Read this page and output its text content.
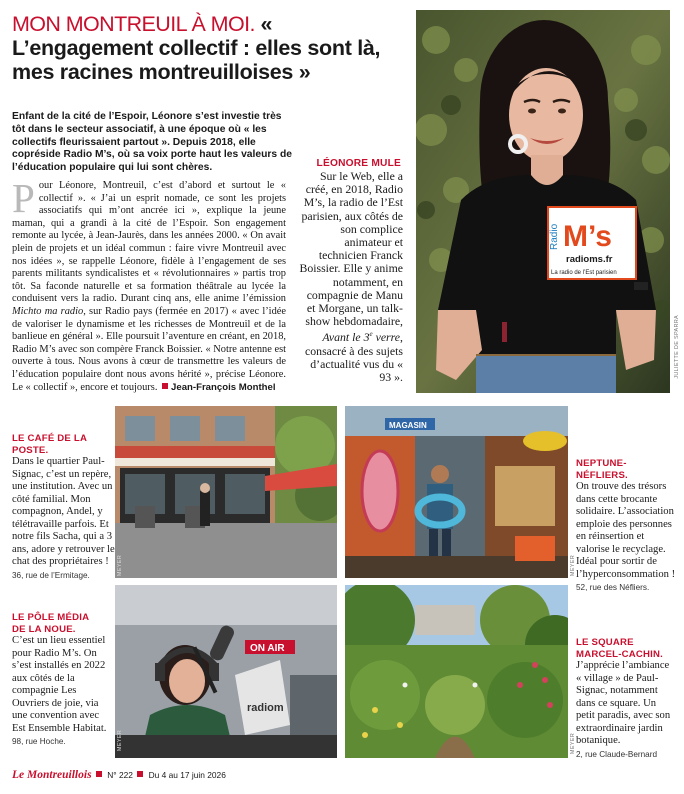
MON MONTREUIL À MOI. « L’engagement collectif : elles sont là, mes racines montreuilloises »
Enfant de la cité de l’Espoir, Léonore s’est investie très tôt dans le secteur associatif, à une époque où « les collectifs fleurissaient partout ». Depuis 2018, elle copréside Radio M’s, où sa voix porte haut les valeurs de l’éducation populaire qui lui sont chères.
Pour Léonore, Montreuil, c’est d’abord et surtout le « collectif ». « J’ai un esprit nomade, ce sont les projets associatifs qui m’ont ancrée ici », explique la jeune maman, qui a grandi à la cité de l’Espoir. Son engagement remonte au lycée, à Jean-Jaurès, dans les années 2000. « On avait plein de projets et un idéal commun : faire vivre Montreuil avec nos idées », se rappelle Léonore, fidèle à l’engagement de ses parents militants syndicalistes et « révolutionnaires » partis trop tôt. Sa faconde naturelle et sa formation théâtrale au lycée la conduisent vers la radio. Durant cinq ans, elle anime l’émission Michto ma radio, sur Radio pays (fermée en 2017) « avec l’idée de valoriser le dynamisme et les richesses de Montreuil et de la banlieue en général ». Elle poursuit l’aventure en créant, en 2018, Radio M’s avec son compère Franck Boissier. « Notre antenne est ouverte à tous. Nous avons à cœur de transmettre les valeurs de l’éducation populaire dont nous avons hérité », précise Léonore. Le « collectif », encore et toujours. Jean-François Monthel
LÉONORE MULE
Sur le Web, elle a créé, en 2018, Radio M’s, la radio de l’Est parisien, aux côtés de son complice animateur et technicien Franck Boissier. Elle y anime notamment, en compagnie de Manu et Morgane, un talk-show hebdomadaire, Avant le 3e verre, consacré à des sujets d’actualité vus du « 93 ».
Radio M’s
radioms.fr
La radio de l’Est parisien
JULIETTE DE SPARRA
LE CAFÉ DE LA POSTE.
Dans le quartier Paul-Signac, c’est un repère, une institution. Avec un côté familial. Mon compagnon, Andel, y télétravaille parfois. Et notre fils Sacha, qui a 3 ans, adore y retrouver le chat des propriétaires !
36, rue de l’Ermitage.	MEYER
MAGASIN
MEYER
NEPTUNE-NÉFLIERS.
On trouve des trésors dans cette brocante solidaire. L’association emploie des personnes en réinsertion et valorise le recyclage. Idéal pour sortir de l’hyperconsommation !
52, rue des Néfliers.
LE PÔLE MÉDIA
DE LA NOUE.
C’est un lieu essentiel pour Radio M’s. On s’est installés en 2022 aux côtés de la compagnie Les Ouvriers de joie, via une convention avec Est Ensemble Habitat.
98, rue Hoche.
ON AIR
radiom
MEYER	MEYER
LE SQUARE
MARCEL-CACHIN.
J’apprécie l’ambiance « village » de Paul-Signac, notamment dans ce square. Un petit paradis, avec son extraordinaire jardin botanique.
2, rue Claude-Bernard
Le Montreuillois N° 222 Du 4 au 17 juin 2026
